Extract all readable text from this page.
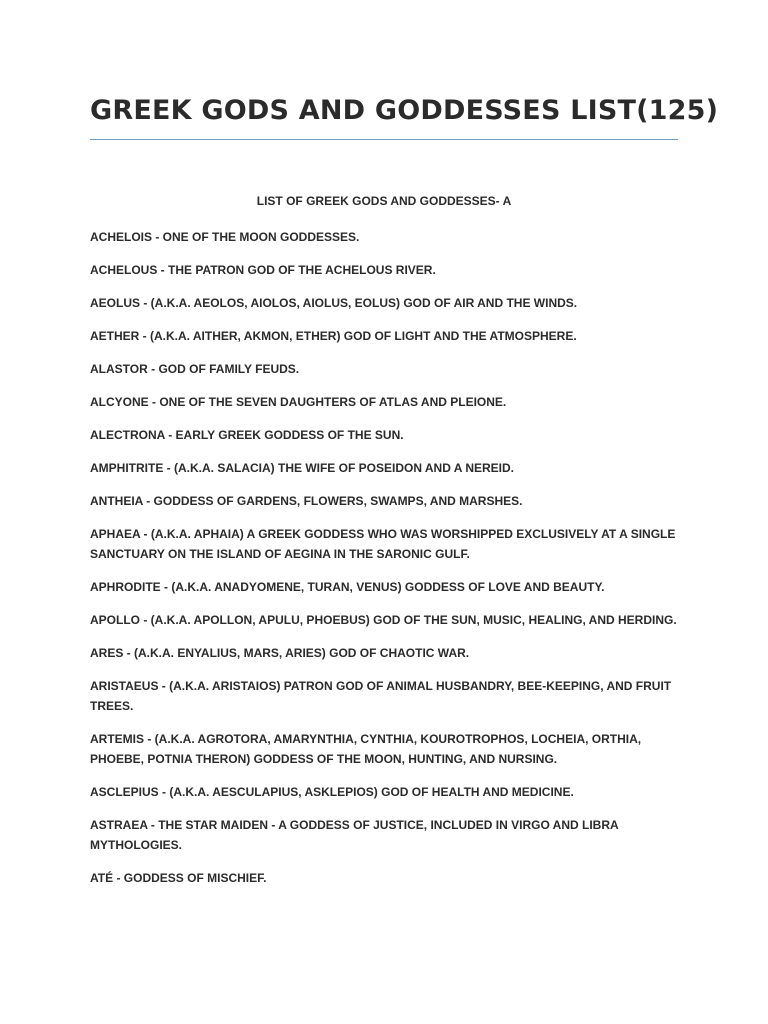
GREEK GODS AND GODDESSES LIST(125)
LIST OF GREEK GODS AND GODDESSES- A

ACHELOIS - ONE OF THE MOON GODDESSES.

ACHELOUS - THE PATRON GOD OF THE ACHELOUS RIVER.

AEOLUS - (A.K.A. AEOLOS, AIOLOS, AIOLUS, EOLUS) GOD OF AIR AND THE WINDS.

AETHER - (A.K.A. AITHER, AKMON, ETHER) GOD OF LIGHT AND THE ATMOSPHERE.

ALASTOR - GOD OF FAMILY FEUDS.

ALCYONE - ONE OF THE SEVEN DAUGHTERS OF ATLAS AND PLEIONE.

ALECTRONA - EARLY GREEK GODDESS OF THE SUN.

AMPHITRITE - (A.K.A. SALACIA) THE WIFE OF POSEIDON AND A NEREID.

ANTHEIA - GODDESS OF GARDENS, FLOWERS, SWAMPS, AND MARSHES.

APHAEA - (A.K.A. APHAIA) A GREEK GODDESS WHO WAS WORSHIPPED EXCLUSIVELY AT A SINGLE SANCTUARY ON THE ISLAND OF AEGINA IN THE SARONIC GULF.

APHRODITE - (A.K.A. ANADYOMENE, TURAN, VENUS) GODDESS OF LOVE AND BEAUTY.

APOLLO - (A.K.A. APOLLON, APULU, PHOEBUS) GOD OF THE SUN, MUSIC, HEALING, AND HERDING.

ARES - (A.K.A. ENYALIUS, MARS, ARIES) GOD OF CHAOTIC WAR.

ARISTAEUS - (A.K.A. ARISTAIOS) PATRON GOD OF ANIMAL HUSBANDRY, BEE-KEEPING, AND FRUIT TREES.

ARTEMIS - (A.K.A. AGROTORA, AMARYNTHIA, CYNTHIA, KOUROTROPHOS, LOCHEIA, ORTHIA, PHOEBE, POTNIA THERON) GODDESS OF THE MOON, HUNTING, AND NURSING.

ASCLEPIUS - (A.K.A. AESCULAPIUS, ASKLEPIOS) GOD OF HEALTH AND MEDICINE.

ASTRAEA - THE STAR MAIDEN - A GODDESS OF JUSTICE, INCLUDED IN VIRGO AND LIBRA MYTHOLOGIES.

ATÉ - GODDESS OF MISCHIEF.
